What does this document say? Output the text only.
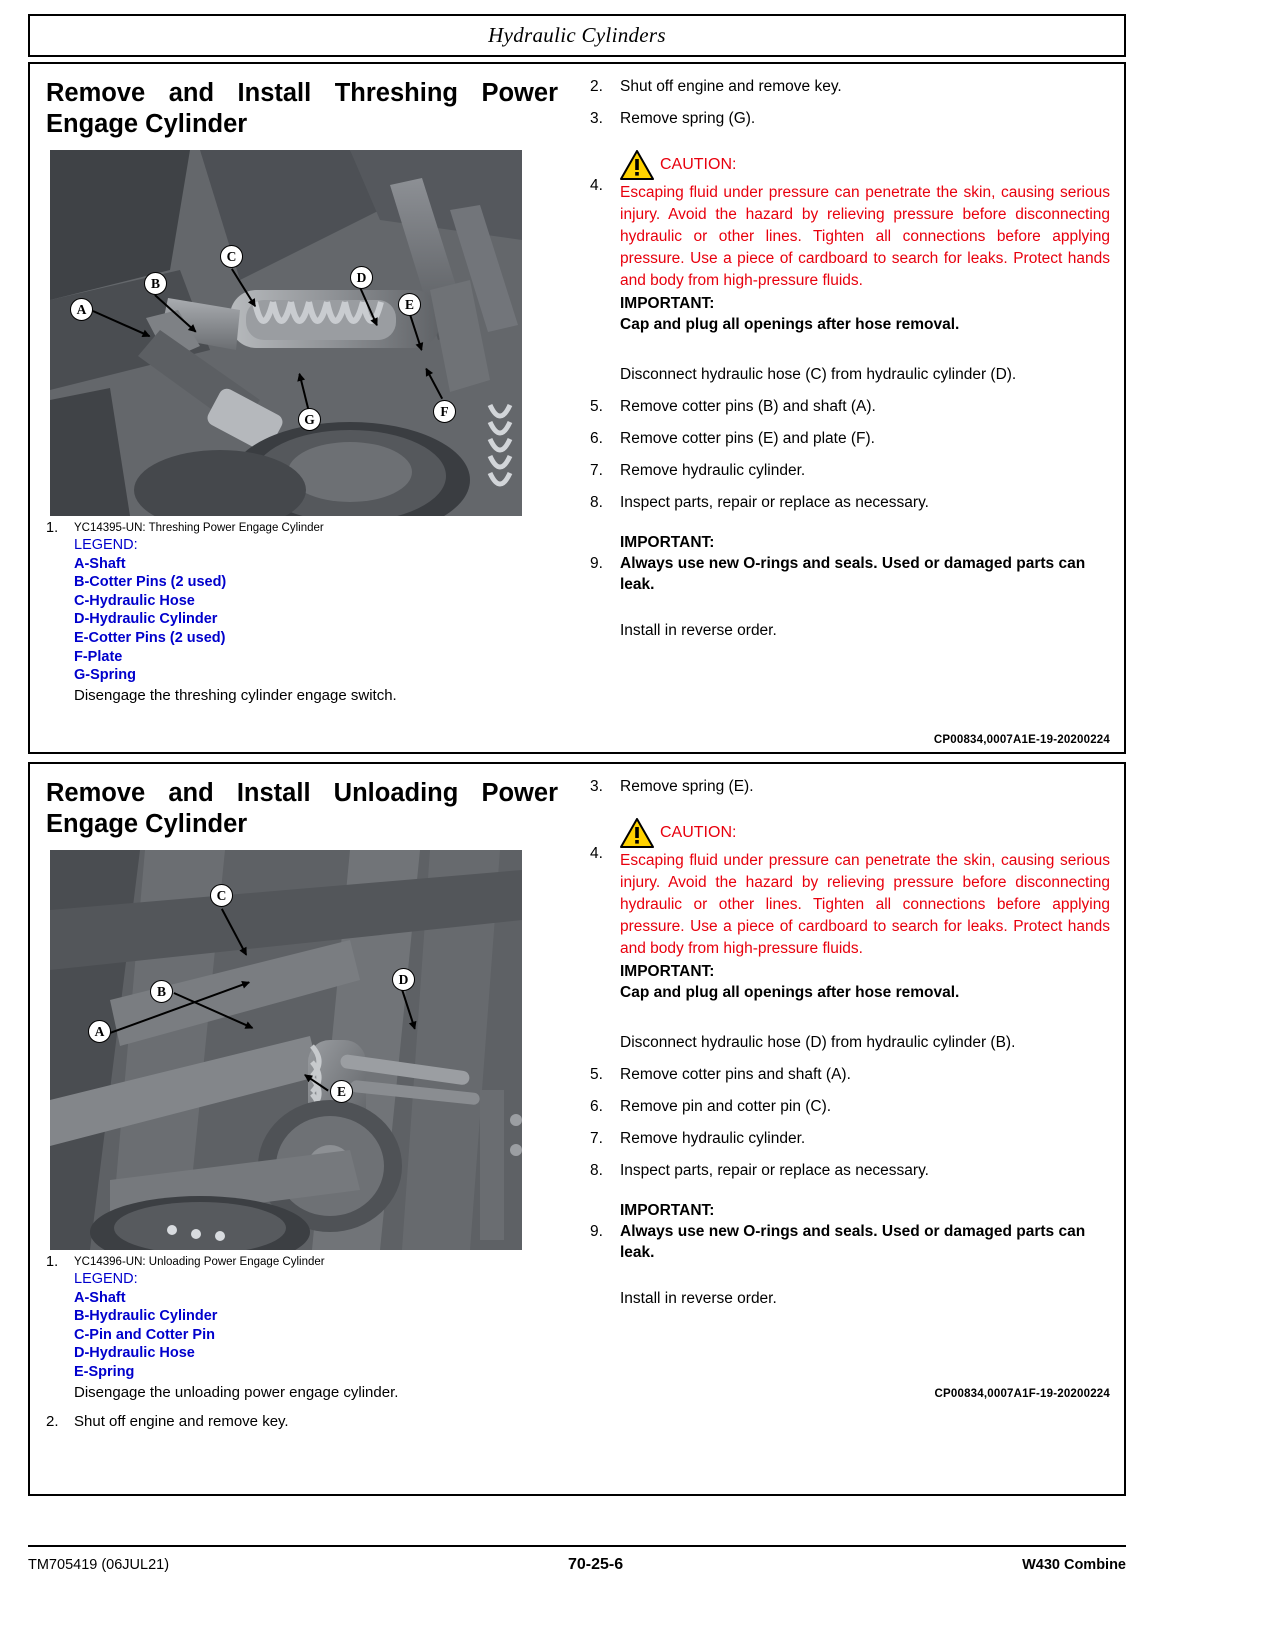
Hydraulic Cylinders
Remove and Install Threshing Power
Engage Cylinder
C
D
E
B
A
F
G
1.	YC14395-UN: Threshing Power Engage Cylinder
LEGEND:
A-Shaft
B-Cotter Pins (2 used)
C-Hydraulic Hose
D-Hydraulic Cylinder
E-Cotter Pins (2 used)
F-Plate
G-Spring
Disengage the threshing cylinder engage switch.
2.	Shut off engine and remove key.
3.	Remove spring (G).
4.
CAUTION:
Escaping fluid under pressure can penetrate the skin, causing serious injury. Avoid the hazard by relieving pressure before disconnecting hydraulic or other lines. Tighten all connections before applying pressure. Use a piece of cardboard to search for leaks. Protect hands and body from high-pressure fluids.
IMPORTANT:
Cap and plug all openings after hose removal.
Disconnect hydraulic hose (C) from hydraulic cylinder (D).
5.	Remove cotter pins (B) and shaft (A).
6.	Remove cotter pins (E) and plate (F).
7.	Remove hydraulic cylinder.
8.	Inspect parts, repair or replace as necessary.
IMPORTANT:
9.	Always use new O-rings and seals. Used or damaged parts can leak.
Install in reverse order.
CP00834,0007A1E-19-20200224
Remove and Install Unloading Power
Engage Cylinder
C
B
A
D
E
1.	YC14396-UN: Unloading Power Engage Cylinder
LEGEND:
A-Shaft
B-Hydraulic Cylinder
C-Pin and Cotter Pin
D-Hydraulic Hose
E-Spring
Disengage the unloading power engage cylinder.
2.	Shut off engine and remove key.
3.	Remove spring (E).
4.
CAUTION:
Escaping fluid under pressure can penetrate the skin, causing serious injury. Avoid the hazard by relieving pressure before disconnecting hydraulic or other lines. Tighten all connections before applying pressure. Use a piece of cardboard to search for leaks. Protect hands and body from high-pressure fluids.
IMPORTANT:
Cap and plug all openings after hose removal.
Disconnect hydraulic hose (D) from hydraulic cylinder (B).
5.	Remove cotter pins and shaft (A).
6.	Remove pin and cotter pin (C).
7.	Remove hydraulic cylinder.
8.	Inspect parts, repair or replace as necessary.
IMPORTANT:
9.	Always use new O-rings and seals. Used or damaged parts can leak.
Install in reverse order.
CP00834,0007A1F-19-20200224
TM705419 (06JUL21)	70-25-6	W430 Combine
